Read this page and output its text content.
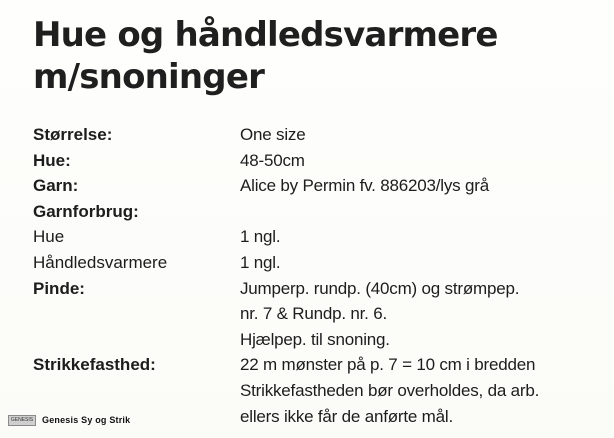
Hue og håndledsvarmere
m/snoninger
Størrelse:	One size
Hue:	48-50cm
Garn:	Alice by Permin fv. 886203/lys grå
Garnforbrug:
Hue	1 ngl.
Håndledsvarmere	1 ngl.
Pinde:	Jumperp. rundp. (40cm) og strømpep.
nr. 7 & Rundp. nr. 6.
Hjælpep. til snoning.
Strikkefasthed:	22 m mønster på p. 7 = 10 cm i bredden
Strikkefastheden bør overholdes, da arb.
ellers ikke får de anførte mål.
GENESIS Genesis Sy og Strik
